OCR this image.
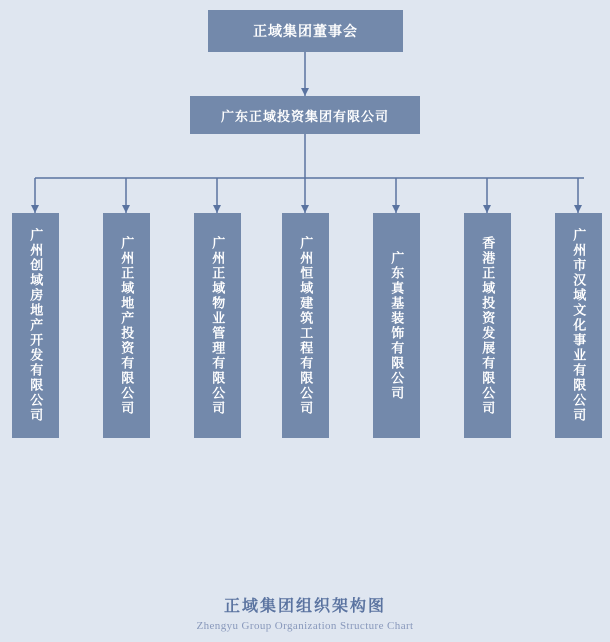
正域集团董事会
广东正域投资集团有限公司
广州创域房地产开发有限公司	广州正域地产投资有限公司	广州正域物业管理有限公司	广州恒域建筑工程有限公司	广东真基装饰有限公司	香港正域投资发展有限公司	广州市汉域文化事业有限公司
正域集团组织架构图
Zhengyu Group Organization Structure Chart
